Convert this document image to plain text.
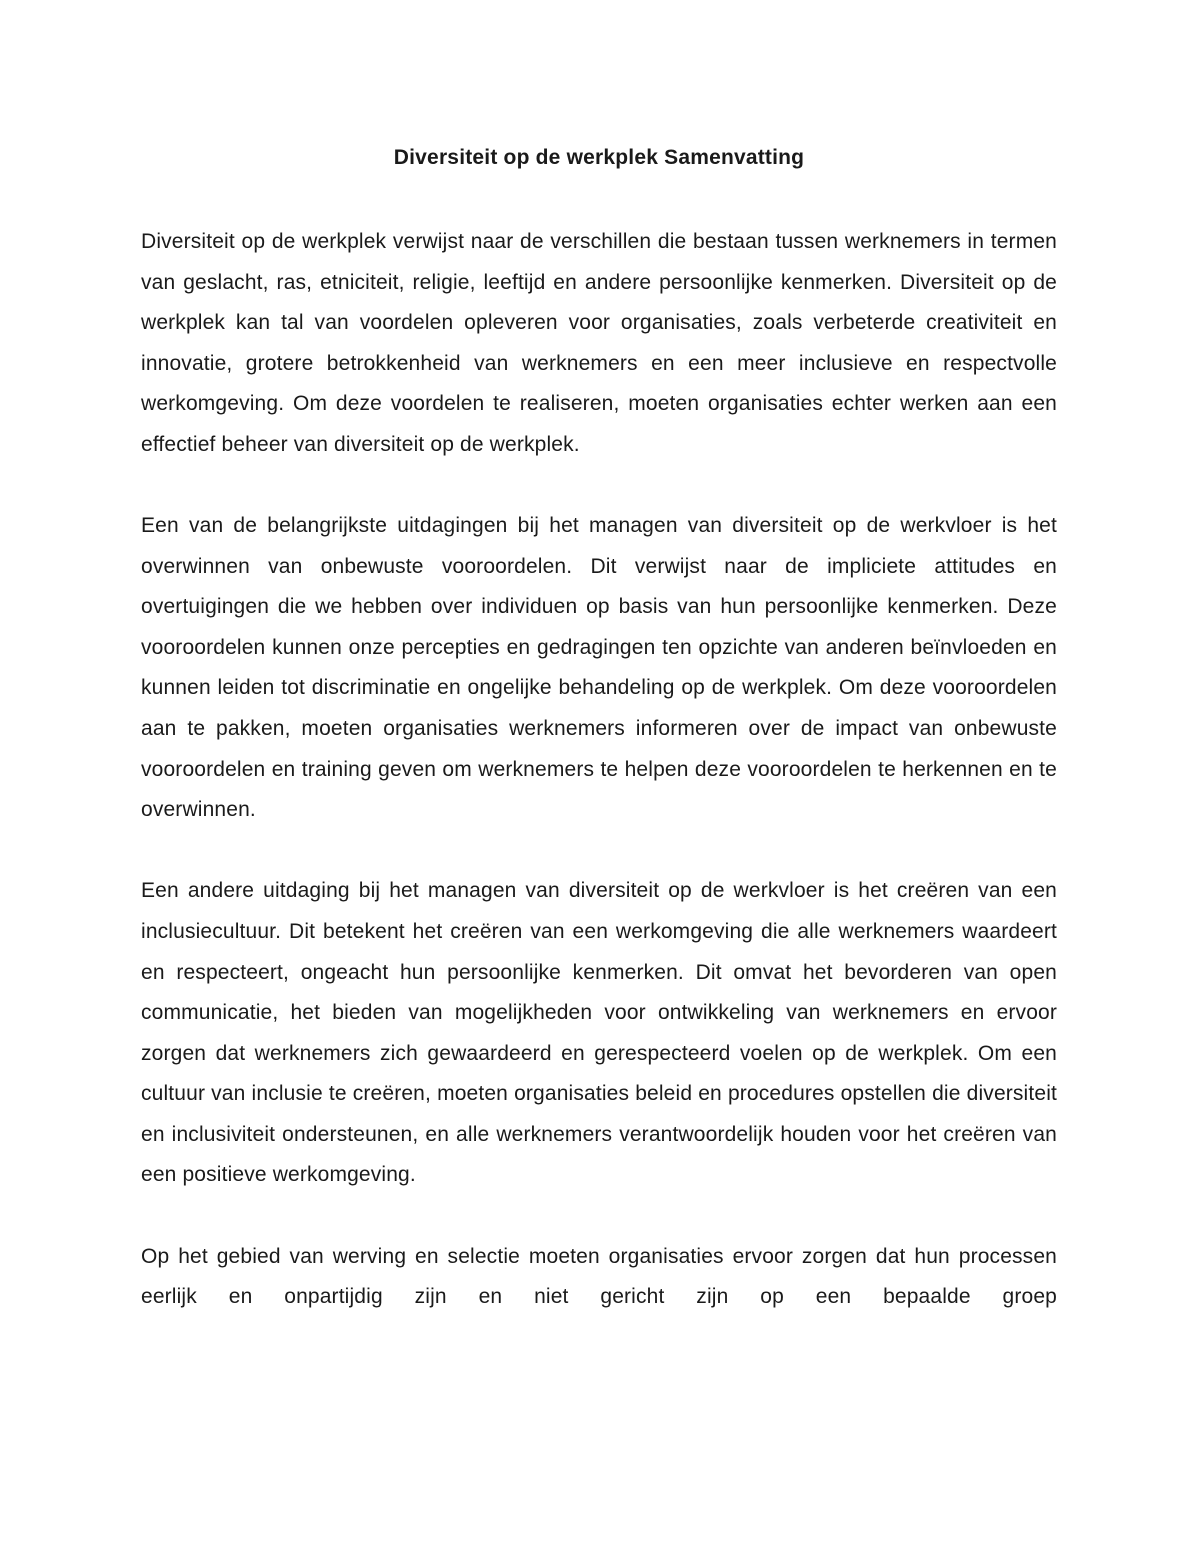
Diversiteit op de werkplek Samenvatting

Diversiteit op de werkplek verwijst naar de verschillen die bestaan tussen werknemers in termen van geslacht, ras, etniciteit, religie, leeftijd en andere persoonlijke kenmerken. Diversiteit op de werkplek kan tal van voordelen opleveren voor organisaties, zoals verbeterde creativiteit en innovatie, grotere betrokkenheid van werknemers en een meer inclusieve en respectvolle werkomgeving. Om deze voordelen te realiseren, moeten organisaties echter werken aan een effectief beheer van diversiteit op de werkplek.

Een van de belangrijkste uitdagingen bij het managen van diversiteit op de werkvloer is het overwinnen van onbewuste vooroordelen. Dit verwijst naar de impliciete attitudes en overtuigingen die we hebben over individuen op basis van hun persoonlijke kenmerken. Deze vooroordelen kunnen onze percepties en gedragingen ten opzichte van anderen beïnvloeden en kunnen leiden tot discriminatie en ongelijke behandeling op de werkplek. Om deze vooroordelen aan te pakken, moeten organisaties werknemers informeren over de impact van onbewuste vooroordelen en training geven om werknemers te helpen deze vooroordelen te herkennen en te overwinnen.

Een andere uitdaging bij het managen van diversiteit op de werkvloer is het creëren van een inclusiecultuur. Dit betekent het creëren van een werkomgeving die alle werknemers waardeert en respecteert, ongeacht hun persoonlijke kenmerken. Dit omvat het bevorderen van open communicatie, het bieden van mogelijkheden voor ontwikkeling van werknemers en ervoor zorgen dat werknemers zich gewaardeerd en gerespecteerd voelen op de werkplek. Om een cultuur van inclusie te creëren, moeten organisaties beleid en procedures opstellen die diversiteit en inclusiviteit ondersteunen, en alle werknemers verantwoordelijk houden voor het creëren van een positieve werkomgeving.

Op het gebied van werving en selectie moeten organisaties ervoor zorgen dat hun processen eerlijk en onpartijdig zijn en niet gericht zijn op een bepaalde groep
